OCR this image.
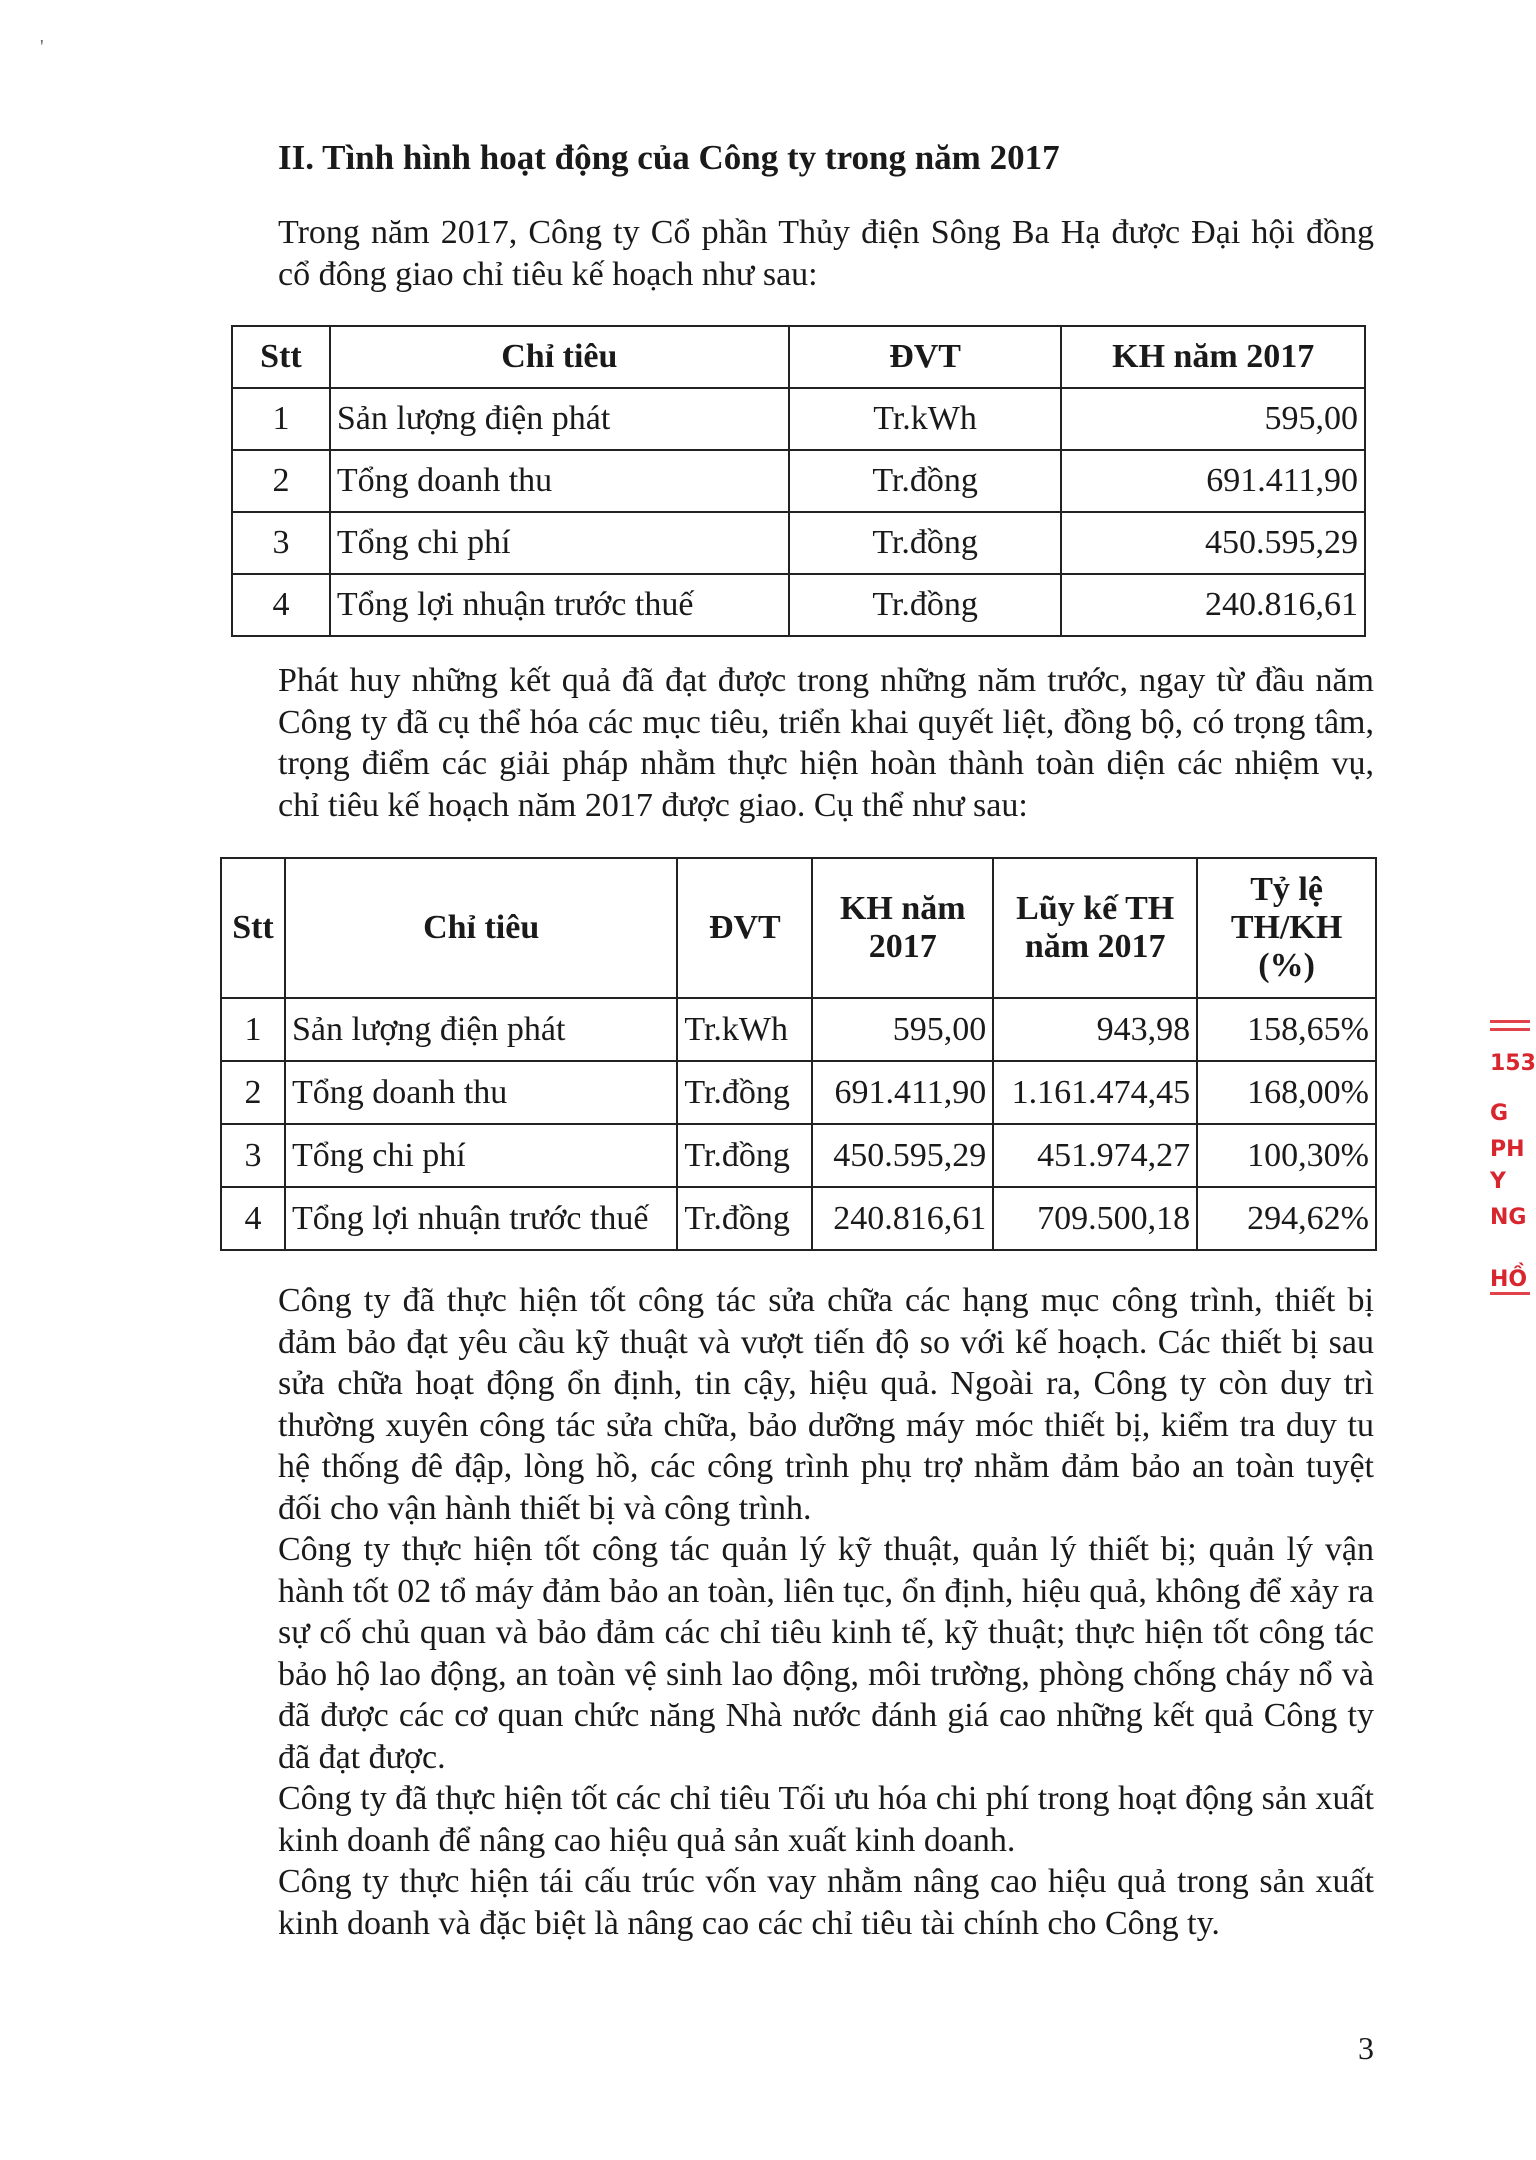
'
II. Tình hình hoạt động của Công ty trong năm 2017

Trong năm 2017, Công ty Cổ phần Thủy điện Sông Ba Hạ được Đại hội đồng cổ đông giao chỉ tiêu kế hoạch như sau:

Stt	Chỉ tiêu	ĐVT	KH năm 2017
1	Sản lượng điện phát	Tr.kWh	595,00
2	Tổng doanh thu	Tr.đồng	691.411,90
3	Tổng chi phí	Tr.đồng	450.595,29
4	Tổng lợi nhuận trước thuế	Tr.đồng	240.816,61

Phát huy những kết quả đã đạt được trong những năm trước, ngay từ đầu năm Công ty đã cụ thể hóa các mục tiêu, triển khai quyết liệt, đồng bộ, có trọng tâm, trọng điểm các giải pháp nhằm thực hiện hoàn thành toàn diện các nhiệm vụ, chỉ tiêu kế hoạch năm 2017 được giao. Cụ thể như sau:

Stt	Chỉ tiêu	ĐVT	KH năm 2017	Lũy kế TH năm 2017	Tỷ lệ TH/KH (%)
1	Sản lượng điện phát	Tr.kWh	595,00	943,98	158,65%
2	Tổng doanh thu	Tr.đồng	691.411,90	1.161.474,45	168,00%
3	Tổng chi phí	Tr.đồng	450.595,29	451.974,27	100,30%
4	Tổng lợi nhuận trước thuế	Tr.đồng	240.816,61	709.500,18	294,62%

Công ty đã thực hiện tốt công tác sửa chữa các hạng mục công trình, thiết bị đảm bảo đạt yêu cầu kỹ thuật và vượt tiến độ so với kế hoạch. Các thiết bị sau sửa chữa hoạt động ổn định, tin cậy, hiệu quả. Ngoài ra, Công ty còn duy trì thường xuyên công tác sửa chữa, bảo dưỡng máy móc thiết bị, kiểm tra duy tu hệ thống đê đập, lòng hồ, các công trình phụ trợ nhằm đảm bảo an toàn tuyệt đối cho vận hành thiết bị và công trình.

Công ty thực hiện tốt công tác quản lý kỹ thuật, quản lý thiết bị; quản lý vận hành tốt 02 tổ máy đảm bảo an toàn, liên tục, ổn định, hiệu quả, không để xảy ra sự cố chủ quan và bảo đảm các chỉ tiêu kinh tế, kỹ thuật; thực hiện tốt công tác bảo hộ lao động, an toàn vệ sinh lao động, môi trường, phòng chống cháy nổ và đã được các cơ quan chức năng Nhà nước đánh giá cao những kết quả Công ty đã đạt được.

Công ty đã thực hiện tốt các chỉ tiêu Tối ưu hóa chi phí trong hoạt động sản xuất kinh doanh để nâng cao hiệu quả sản xuất kinh doanh.

Công ty thực hiện tái cấu trúc vốn vay nhằm nâng cao hiệu quả trong sản xuất kinh doanh và đặc biệt là nâng cao các chỉ tiêu tài chính cho Công ty.

3
153
G
PH
Y
NG
HỒ
